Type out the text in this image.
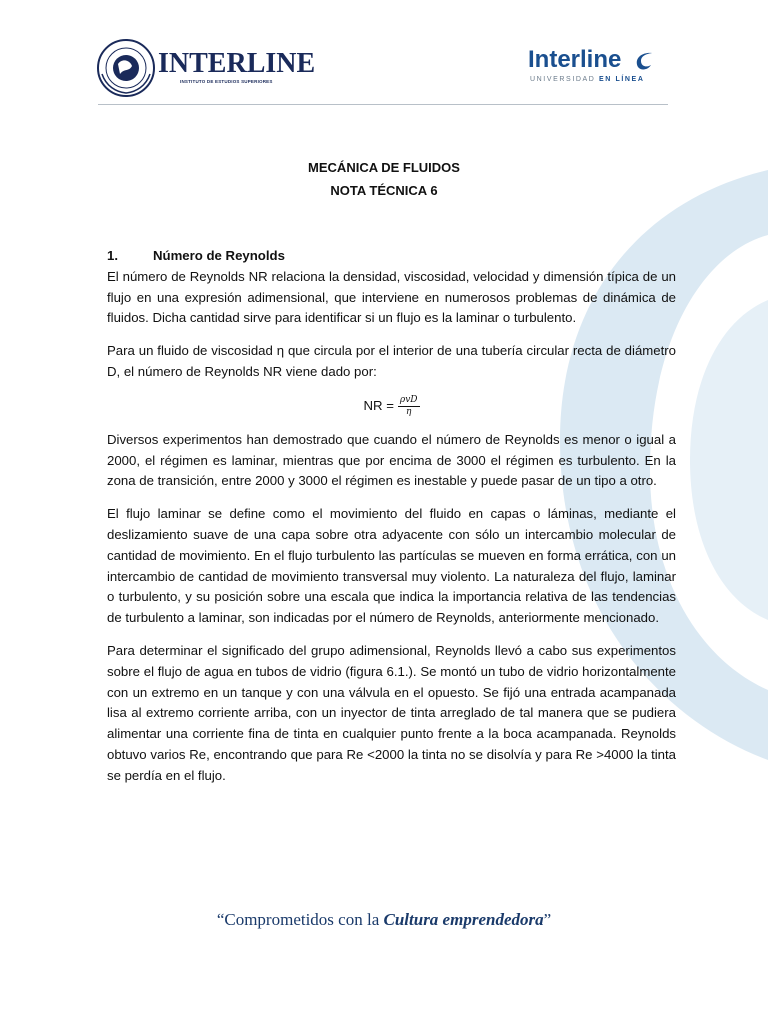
INTERLINE
INSTITUTO DE ESTUDIOS SUPERIORES
Interline
UNIVERSIDAD EN LÍNEA
MECÁNICA DE FLUIDOS
NOTA TÉCNICA 6
1.	Número de Reynolds

El número de Reynolds NR relaciona la densidad, viscosidad, velocidad y dimensión típica de un flujo en una expresión adimensional, que interviene en numerosos problemas de dinámica de fluidos. Dicha cantidad sirve para identificar si un flujo es la laminar o turbulento.

Para un fluido de viscosidad η que circula por el interior de una tubería circular recta de diámetro D, el número de Reynolds NR viene dado por:

NR = $\frac{\text{ρvD}}{\eta}$

Diversos experimentos han demostrado que cuando el número de Reynolds es menor o igual a 2000, el régimen es laminar, mientras que por encima de 3000 el régimen es turbulento. En la zona de transición, entre 2000 y 3000 el régimen es inestable y puede pasar de un tipo a otro.

El flujo laminar se define como el movimiento del fluido en capas o láminas, mediante el deslizamiento suave de una capa sobre otra adyacente con sólo un intercambio molecular de cantidad de movimiento. En el flujo turbulento las partículas se mueven en forma errática, con un intercambio de cantidad de movimiento transversal muy violento. La naturaleza del flujo, laminar o turbulento, y su posición sobre una escala que indica la importancia relativa de las tendencias de turbulento a laminar, son indicadas por el número de Reynolds, anteriormente mencionado.

Para determinar el significado del grupo adimensional, Reynolds llevó a cabo sus experimentos sobre el flujo de agua en tubos de vidrio (figura 6.1.). Se montó un tubo de vidrio horizontalmente con un extremo en un tanque y con una válvula en el opuesto. Se fijó una entrada acampanada lisa al extremo corriente arriba, con un inyector de tinta arreglado de tal manera que se pudiera alimentar una corriente fina de tinta en cualquier punto frente a la boca acampanada. Reynolds obtuvo varios Re, encontrando que para Re <2000 la tinta no se disolvía y para Re >4000 la tinta se perdía en el flujo.

“Comprometidos con la Cultura emprendedora”
